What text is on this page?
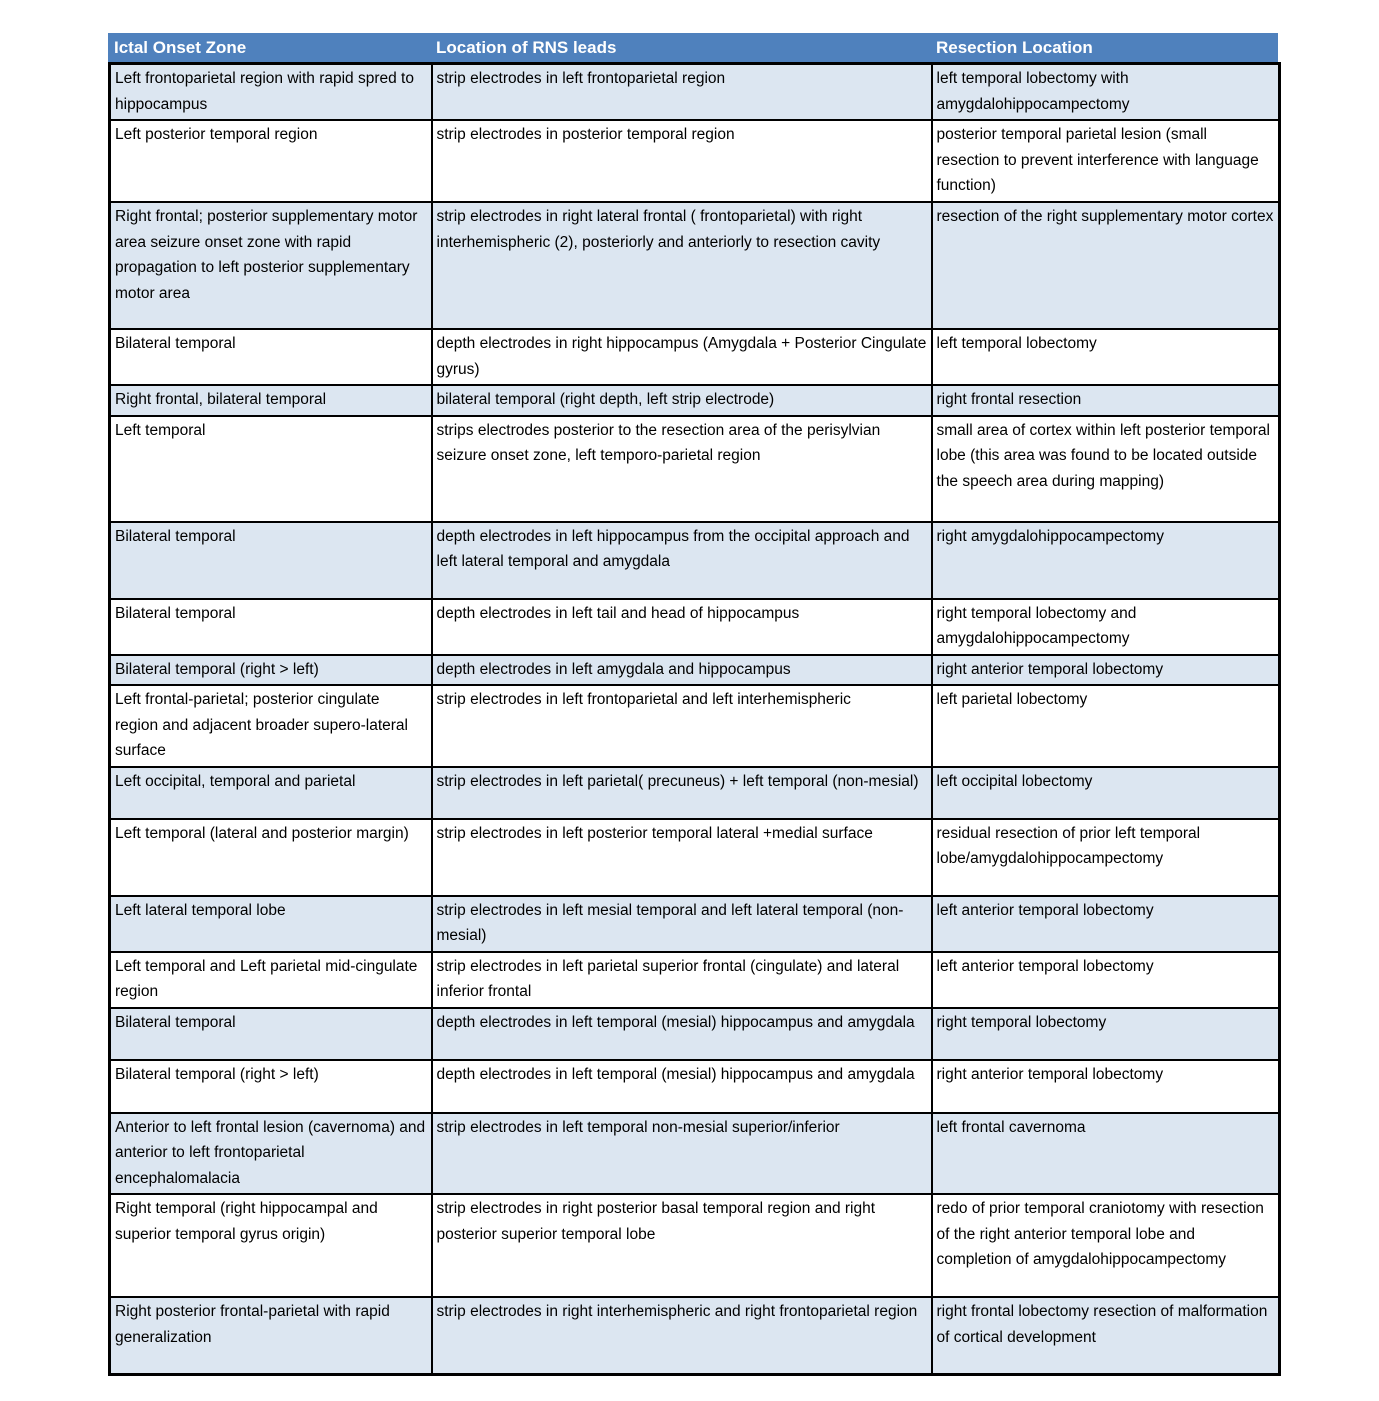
Ictal Onset Zone	Location of RNS leads	Resection Location
Left frontoparietal region with rapid spred to hippocampus	strip electrodes in left frontoparietal region	left temporal lobectomy with amygdalohippocampectomy
Left posterior temporal region	strip electrodes in posterior temporal region	posterior temporal parietal lesion (small resection to prevent interference with language function)
Right frontal; posterior supplementary motor area seizure onset zone with rapid propagation to left posterior supplementary motor area	strip electrodes in right lateral frontal ( frontoparietal) with right interhemispheric (2), posteriorly and anteriorly to resection cavity	resection of the right supplementary motor cortex
Bilateral temporal	depth electrodes in right hippocampus (Amygdala + Posterior Cingulate gyrus)	left temporal lobectomy
Right frontal, bilateral temporal	bilateral temporal (right depth, left strip electrode)	right frontal resection
Left temporal	strips electrodes posterior to the resection area of the perisylvian seizure onset zone, left temporo-parietal region	small area of cortex within left posterior temporal lobe (this area was found to be located outside the speech area during mapping)
Bilateral temporal	depth electrodes in left hippocampus from the occipital approach and left lateral temporal and amygdala	right amygdalohippocampectomy
Bilateral temporal	depth electrodes in left tail and head of hippocampus	right temporal lobectomy and amygdalohippocampectomy
Bilateral temporal (right > left)	depth electrodes in left amygdala and hippocampus	right anterior temporal lobectomy
Left frontal-parietal; posterior cingulate region and adjacent broader supero-lateral surface	strip electrodes in left frontoparietal and left interhemispheric	left parietal lobectomy
Left occipital, temporal and parietal	strip electrodes in left parietal( precuneus) + left temporal (non-mesial)	left occipital lobectomy
Left temporal (lateral and posterior margin)	strip electrodes in left posterior temporal lateral +medial surface	residual resection of prior left temporal lobe/amygdalohippocampectomy
Left lateral temporal lobe	strip electrodes in left mesial temporal and left lateral temporal (non-mesial)	left anterior temporal lobectomy
Left temporal and Left parietal mid-cingulate region	strip electrodes in left parietal superior frontal (cingulate) and lateral inferior frontal	left anterior temporal lobectomy
Bilateral temporal	depth electrodes in left temporal (mesial) hippocampus and amygdala	right temporal lobectomy
Bilateral temporal (right > left)	depth electrodes in left temporal (mesial) hippocampus and amygdala	right anterior temporal lobectomy
Anterior to left frontal lesion (cavernoma) and anterior to left frontoparietal encephalomalacia	strip electrodes in left temporal non-mesial superior/inferior	left frontal cavernoma
Right temporal (right hippocampal and superior temporal gyrus origin)	strip electrodes in right posterior basal temporal region and right posterior superior temporal lobe	redo of prior temporal craniotomy with resection of the right anterior temporal lobe and completion of amygdalohippocampectomy
Right posterior frontal-parietal with rapid generalization	strip electrodes in right interhemispheric and right frontoparietal region	right frontal lobectomy resection of malformation of cortical development
